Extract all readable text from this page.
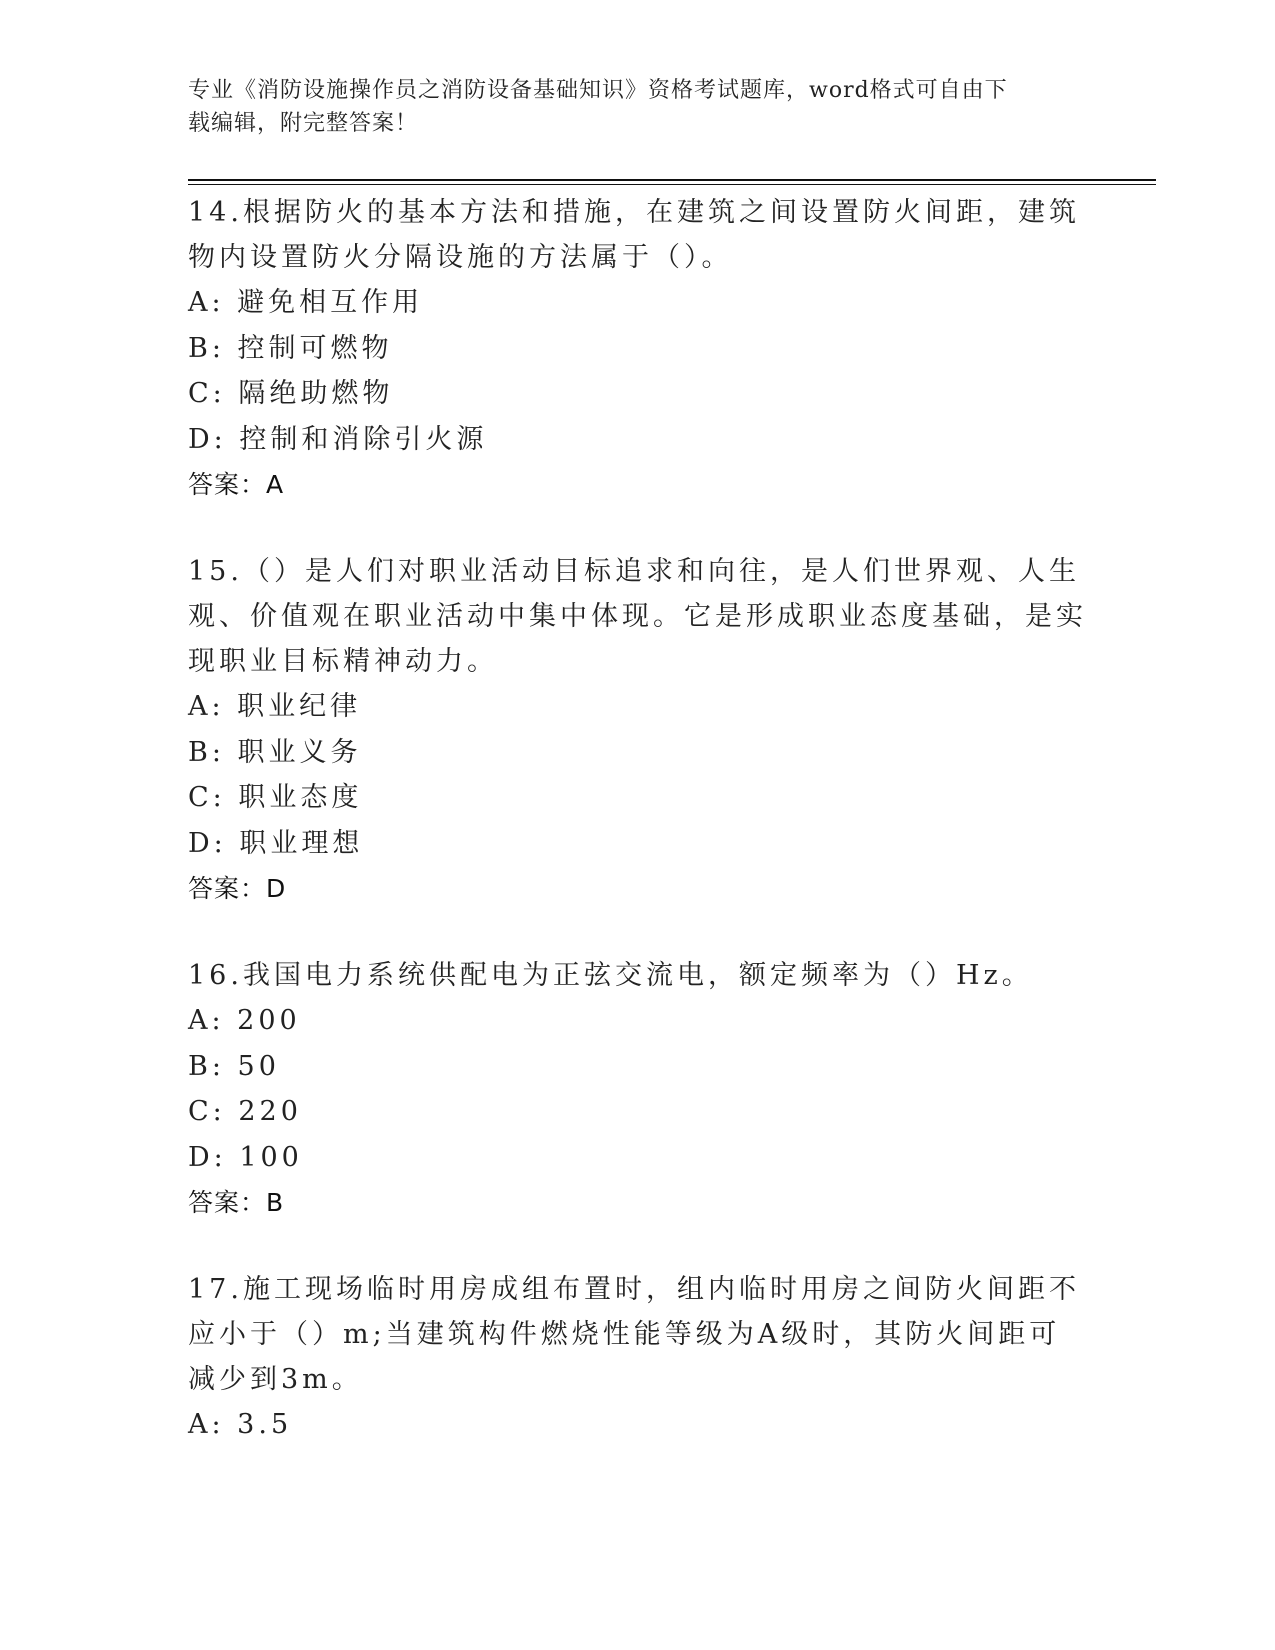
专业《消防设施操作员之消防设备基础知识》资格考试题库，word格式可自由下
载编辑，附完整答案！
14.根据防火的基本方法和措施，在建筑之间设置防火间距，建筑物内设置防火分隔设施的方法属于（）。
A: 避免相互作用
B: 控制可燃物
C: 隔绝助燃物
D: 控制和消除引火源
答案：A
15.（）是人们对职业活动目标追求和向往，是人们世界观、人生观、价值观在职业活动中集中体现。它是形成职业态度基础，是实现职业目标精神动力。
A: 职业纪律
B: 职业义务
C: 职业态度
D: 职业理想
答案：D
16.我国电力系统供配电为正弦交流电，额定频率为（）Hz。
A: 200
B: 50
C: 220
D: 100
答案：B
17.施工现场临时用房成组布置时，组内临时用房之间防火间距不应小于（）m;当建筑构件燃烧性能等级为A级时，其防火间距可减少到3m。
A: 3.5
